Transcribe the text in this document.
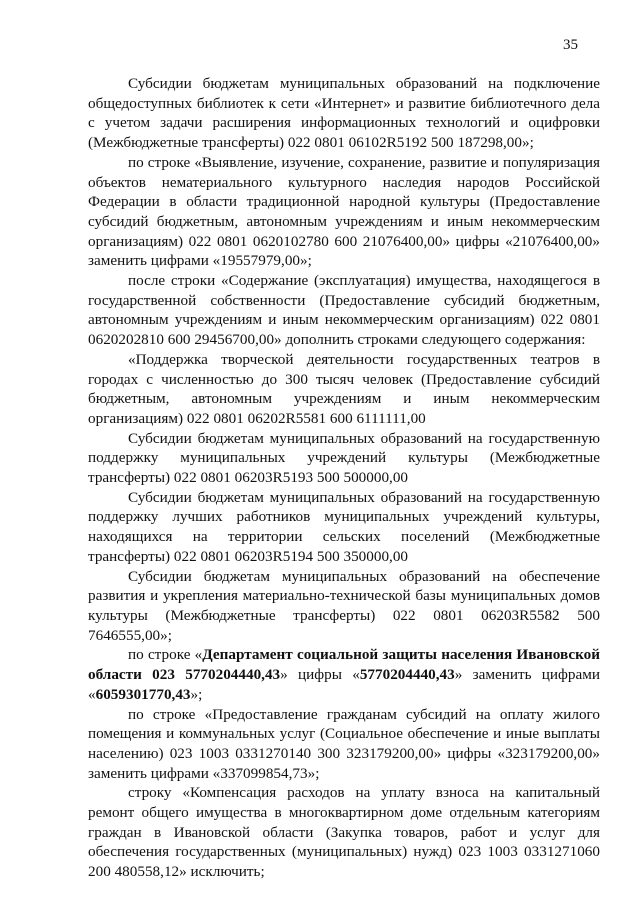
35

Субсидии бюджетам муниципальных образований на подключение общедоступных библиотек к сети «Интернет» и развитие библиотечного дела с учетом задачи расширения информационных технологий и оцифровки (Межбюджетные трансферты) 022 0801 06102R5192 500 187298,00»;

по строке «Выявление, изучение, сохранение, развитие и популяризация объектов нематериального культурного наследия народов Российской Федерации в области традиционной народной культуры (Предоставление субсидий бюджетным, автономным учреждениям и иным некоммерческим организациям) 022 0801 0620102780 600 21076400,00» цифры «21076400,00» заменить цифрами «19557979,00»;

после строки «Содержание (эксплуатация) имущества, находящегося в государственной собственности (Предоставление субсидий бюджетным, автономным учреждениям и иным некоммерческим организациям) 022 0801 0620202810 600 29456700,00» дополнить строками следующего содержания:

«Поддержка творческой деятельности государственных театров в городах с численностью до 300 тысяч человек (Предоставление субсидий бюджетным, автономным учреждениям и иным некоммерческим организациям) 022 0801 06202R5581 600 6111111,00

Субсидии бюджетам муниципальных образований на государственную поддержку муниципальных учреждений культуры (Межбюджетные трансферты) 022 0801 06203R5193 500 500000,00

Субсидии бюджетам муниципальных образований на государственную поддержку лучших работников муниципальных учреждений культуры, находящихся на территории сельских поселений (Межбюджетные трансферты) 022 0801 06203R5194 500 350000,00

Субсидии бюджетам муниципальных образований на обеспечение развития и укрепления материально-технической базы муниципальных домов культуры (Межбюджетные трансферты) 022 0801 06203R5582 500 7646555,00»;

по строке «Департамент социальной защиты населения Ивановской области 023 5770204440,43» цифры «5770204440,43» заменить цифрами «6059301770,43»;

по строке «Предоставление гражданам субсидий на оплату жилого помещения и коммунальных услуг (Социальное обеспечение и иные выплаты населению) 023 1003 0331270140 300 323179200,00» цифры «323179200,00» заменить цифрами «337099854,73»;

строку «Компенсация расходов на уплату взноса на капитальный ремонт общего имущества в многоквартирном доме отдельным категориям граждан в Ивановской области (Закупка товаров, работ и услуг для обеспечения государственных (муниципальных) нужд) 023 1003 0331271060 200 480558,12» исключить;
